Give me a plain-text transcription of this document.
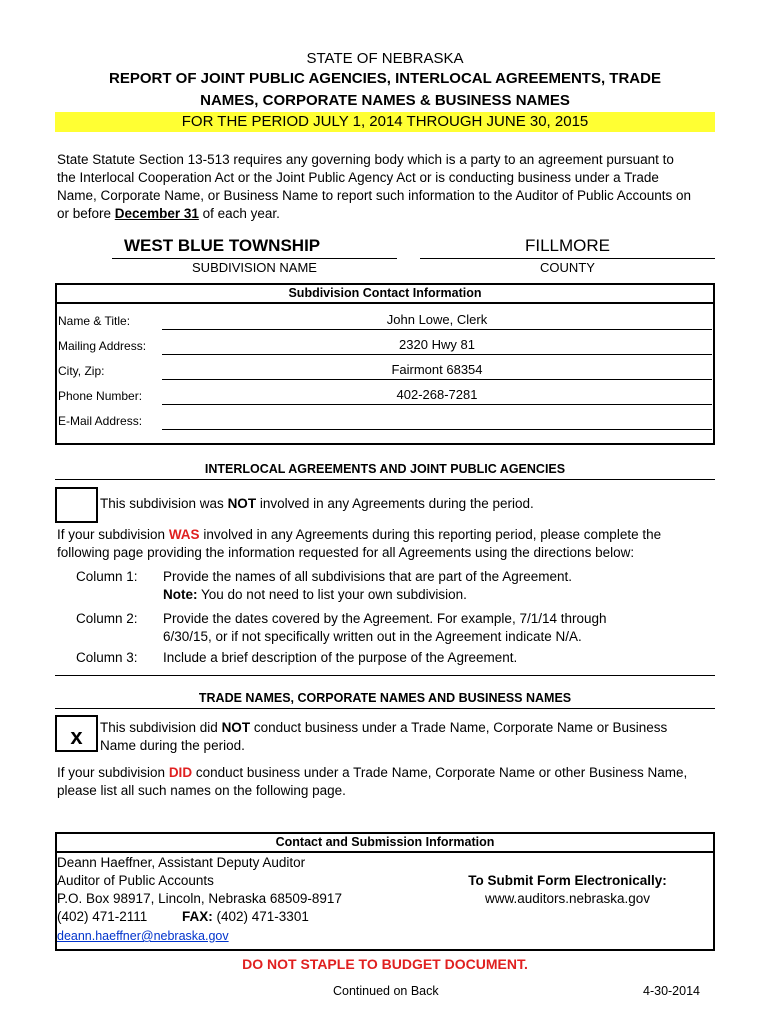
STATE OF NEBRASKA
REPORT OF JOINT PUBLIC AGENCIES, INTERLOCAL AGREEMENTS, TRADE
NAMES, CORPORATE NAMES & BUSINESS NAMES
FOR THE PERIOD JULY 1, 2014 THROUGH JUNE 30, 2015
State Statute Section 13-513 requires any governing body which is a party to an agreement pursuant to
the Interlocal Cooperation Act or the Joint Public Agency Act or is conducting business under a Trade
Name, Corporate Name, or Business Name to report such information to the Auditor of Public Accounts on
or before December 31 of each year.
WEST BLUE TOWNSHIP
SUBDIVISION NAME
FILLMORE
COUNTY
Subdivision Contact Information
Name & Title:	John Lowe, Clerk
Mailing Address:	2320 Hwy 81
City, Zip:	Fairmont 68354
Phone Number:	402-268-7281
E-Mail Address:
INTERLOCAL AGREEMENTS AND JOINT PUBLIC AGENCIES
This subdivision was NOT involved in any Agreements during the period.
If your subdivision WAS involved in any Agreements during this reporting period, please complete the
following page providing the information requested for all Agreements using the directions below:
Column 1: Provide the names of all subdivisions that are part of the Agreement.
Note: You do not need to list your own subdivision.
Column 2: Provide the dates covered by the Agreement. For example, 7/1/14 through
6/30/15, or if not specifically written out in the Agreement indicate N/A.
Column 3: Include a brief description of the purpose of the Agreement.
TRADE NAMES, CORPORATE NAMES AND BUSINESS NAMES
x	This subdivision did NOT conduct business under a Trade Name, Corporate Name or Business
Name during the period.
If your subdivision DID conduct business under a Trade Name, Corporate Name or other Business Name,
please list all such names on the following page.
Contact and Submission Information
Deann Haeffner, Assistant Deputy Auditor
Auditor of Public Accounts
P.O. Box 98917, Lincoln, Nebraska 68509-8917
(402) 471-2111	FAX: (402) 471-3301
deann.haeffner@nebraska.gov
To Submit Form Electronically:
www.auditors.nebraska.gov
DO NOT STAPLE TO BUDGET DOCUMENT.
Continued on Back	4-30-2014
